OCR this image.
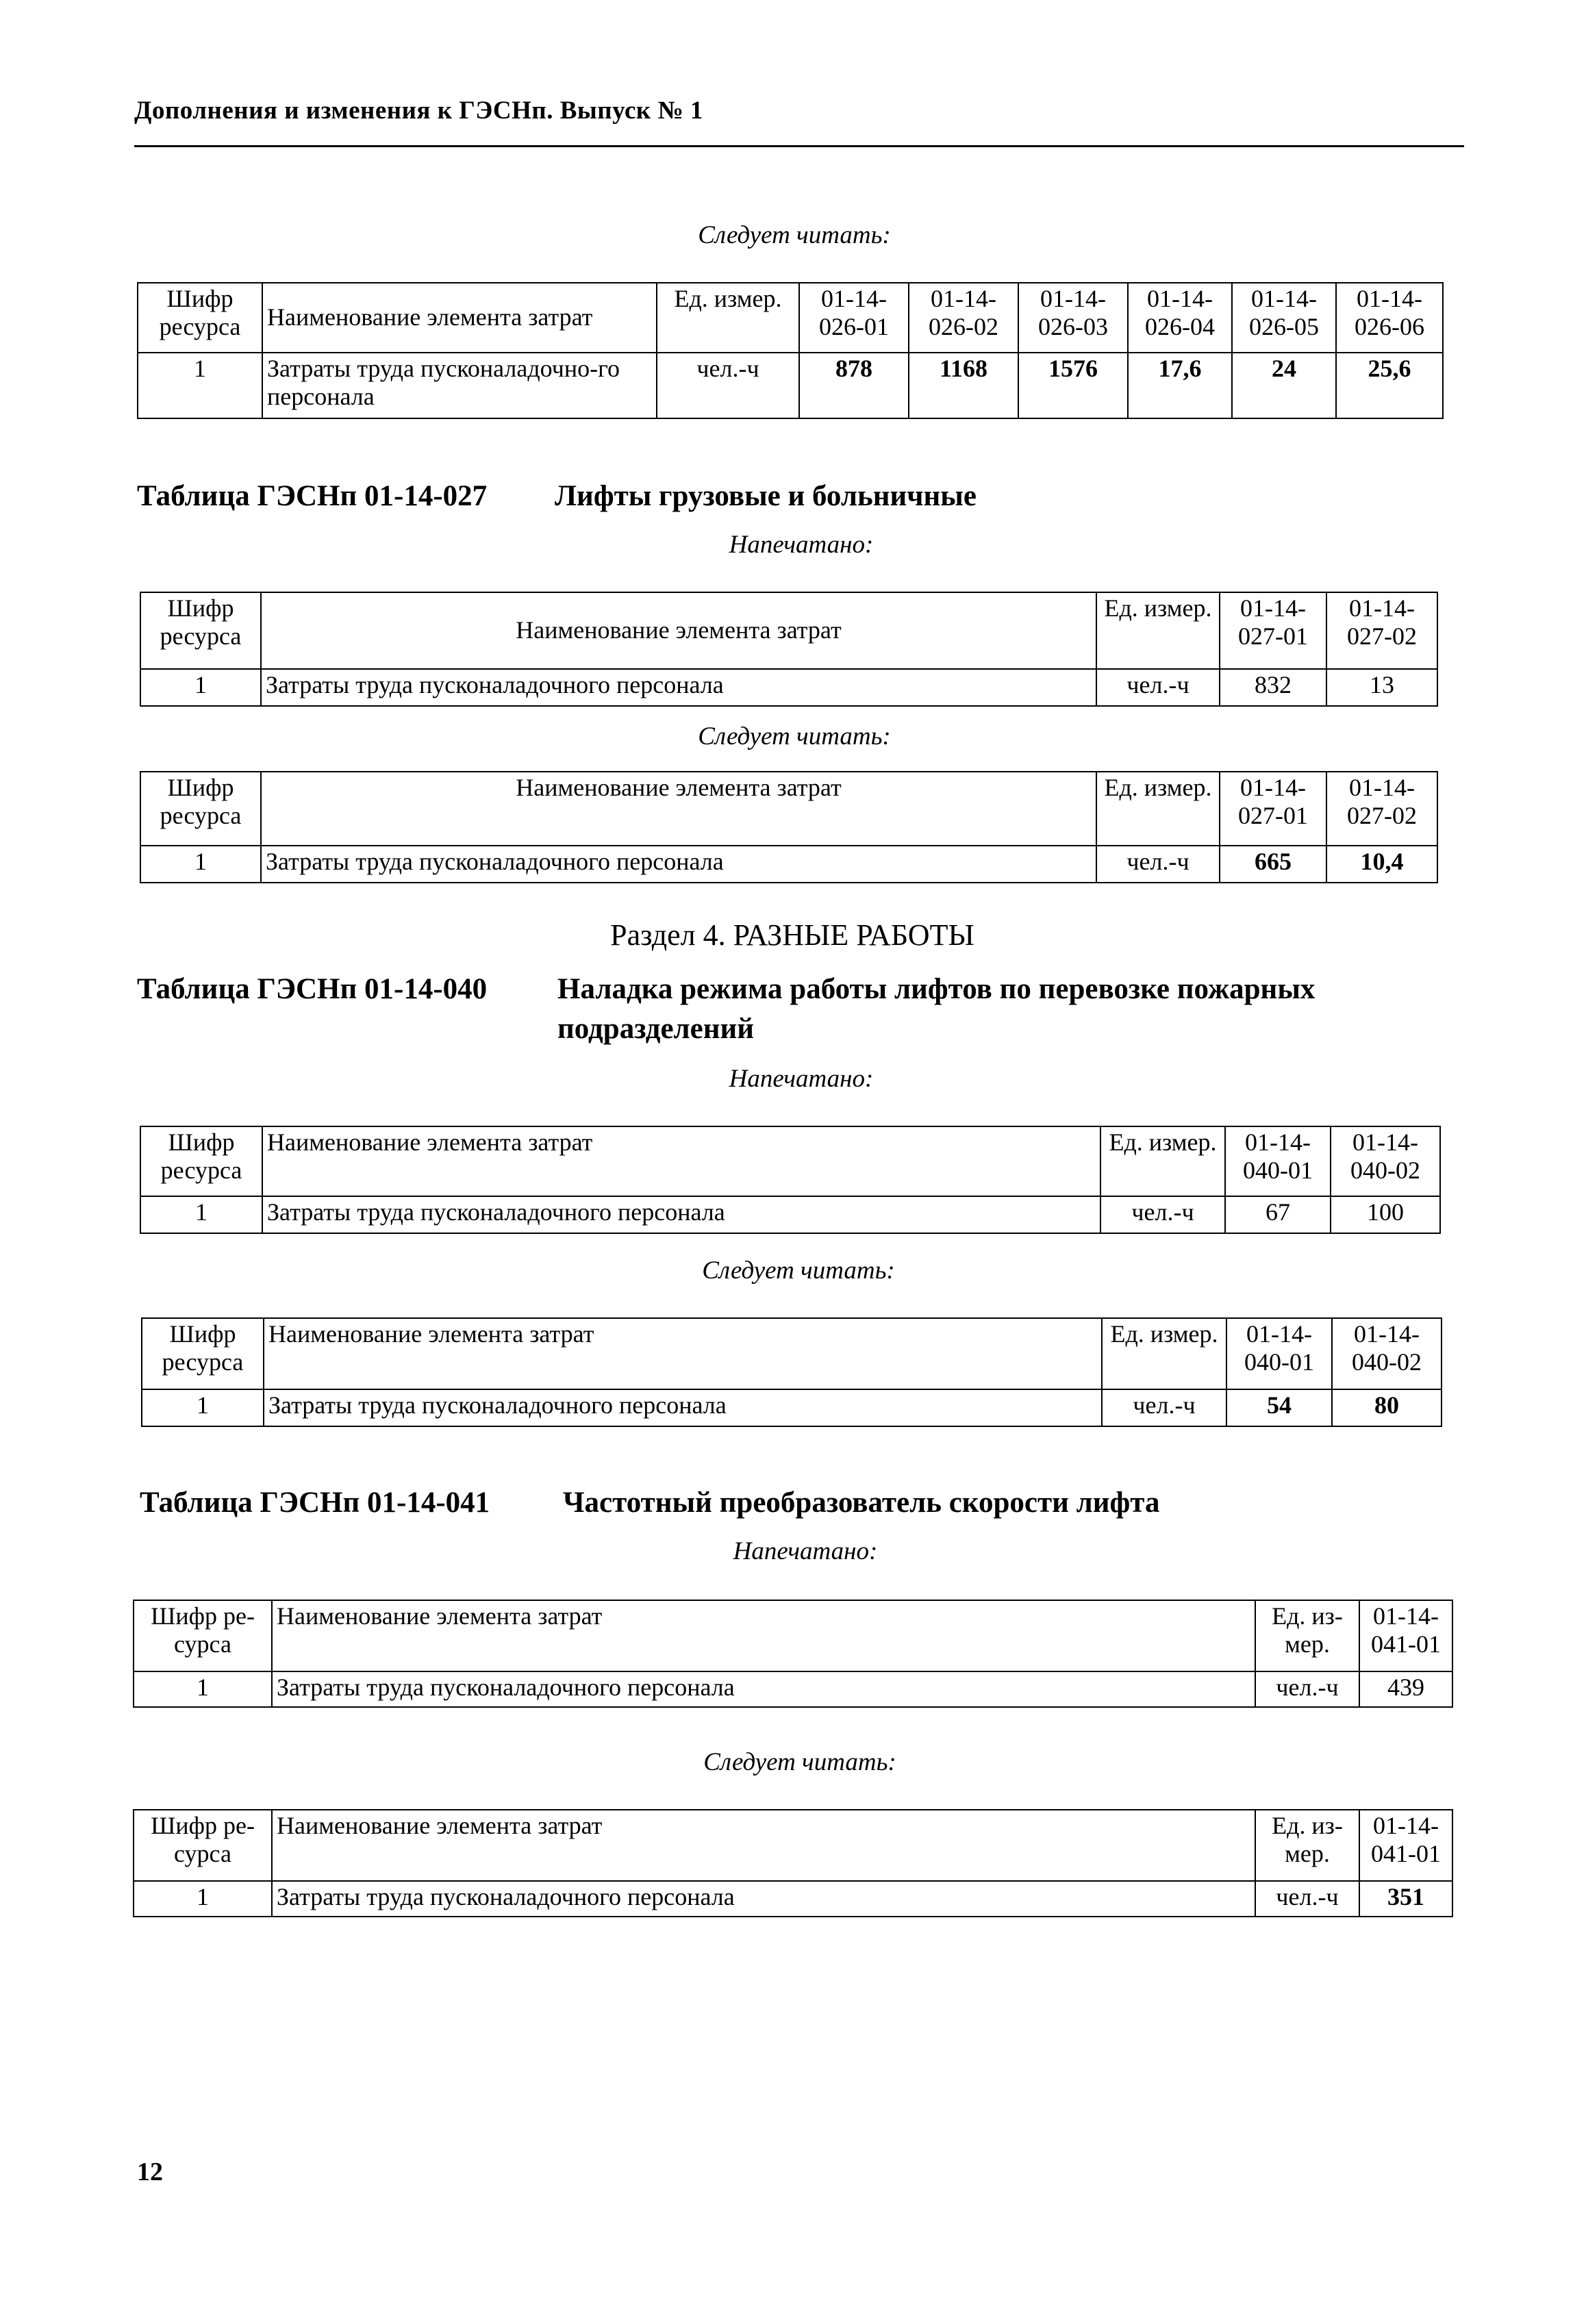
Дополнения и изменения к ГЭСНп. Выпуск № 1
Следует читать:
Шифр ресурса	Наименование элемента затрат	Ед. измер.	01-14-026-01	01-14-026-02	01-14-026-03	01-14-026-04	01-14-026-05	01-14-026-06
1	Затраты труда пусконаладочно-го персонала	чел.-ч	878	1168	1576	17,6	24	25,6
Таблица ГЭСНп 01-14-027 Лифты грузовые и больничные
Напечатано:
Шифр ресурса	Наименование элемента затрат	Ед. измер.	01-14-027-01	01-14-027-02
1	Затраты труда пусконаладочного персонала	чел.-ч	832	13
Следует читать:
Шифр ресурса	Наименование элемента затрат	Ед. измер.	01-14-027-01	01-14-027-02
1	Затраты труда пусконаладочного персонала	чел.-ч	665	10,4
Раздел 4. РАЗНЫЕ РАБОТЫ
Таблица ГЭСНп 01-14-040 Наладка режима работы лифтов по перевозке пожарных
подразделений
Напечатано:
Шифр ресурса	Наименование элемента затрат	Ед. измер.	01-14-040-01	01-14-040-02
1	Затраты труда пусконаладочного персонала	чел.-ч	67	100
Следует читать:
Шифр ресурса	Наименование элемента затрат	Ед. измер.	01-14-040-01	01-14-040-02
1	Затраты труда пусконаладочного персонала	чел.-ч	54	80
Таблица ГЭСНп 01-14-041 Частотный преобразователь скорости лифта
Напечатано:
Шифр ре-сурса	Наименование элемента затрат	Ед. из-мер.	01-14-041-01
1	Затраты труда пусконаладочного персонала	чел.-ч	439
Следует читать:
Шифр ре-сурса	Наименование элемента затрат	Ед. из-мер.	01-14-041-01
1	Затраты труда пусконаладочного персонала	чел.-ч	351
12
